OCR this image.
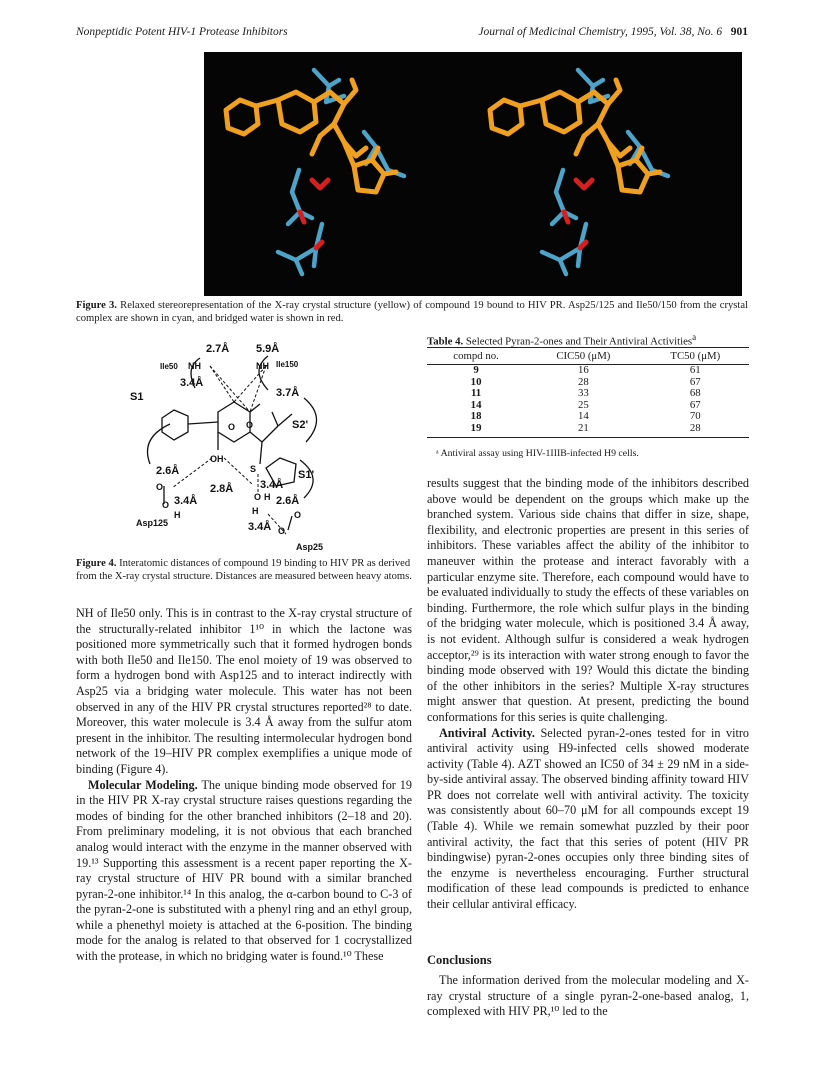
Nonpeptidic Potent HIV-1 Protease Inhibitors	Journal of Medicinal Chemistry, 1995, Vol. 38, No. 6 901
Figure 3. Relaxed stereorepresentation of the X-ray crystal structure (yellow) of compound 19 bound to HIV PR. Asp25/125 and Ile50/150 from the crystal complex are shown in cyan, and bridged water is shown in red.
2.7Å 5.9Å
Ile50 NH	NH Ile150
3.4Å
3.7Å
S1
S2'
O O
OH
S	S1'
2.6Å
2.8Å 3.4Å
3.4Å	2.6Å
3.4Å
O
O
O
O
O
H
H
H
Asp125
Asp25
Figure 4. Interatomic distances of compound 19 binding to HIV PR as derived from the X-ray crystal structure. Distances are measured between heavy atoms.
Table 4. Selected Pyran-2-ones and Their Antiviral Activities$^a$
compd no.	CIC50 (μM)	TC50 (μM)
9	16	61
10	28	67
11	33	68
14	25	67
18	14	70
19	21	28
ᵃ Antiviral assay using HIV-1IIIB-infected H9 cells.

NH of Ile50 only. This is in contrast to the X-ray crystal structure of the structurally-related inhibitor 1¹⁰ in which the lactone was positioned more symmetrically such that it formed hydrogen bonds with both Ile50 and Ile150. The enol moiety of 19 was observed to form a hydrogen bond with Asp125 and to interact indirectly with Asp25 via a bridging water molecule. This water has not been observed in any of the HIV PR crystal structures reported²⁸ to date. Moreover, this water molecule is 3.4 Å away from the sulfur atom present in the inhibitor. The resulting intermolecular hydrogen bond network of the 19–HIV PR complex exemplifies a unique mode of binding (Figure 4).

Molecular Modeling. The unique binding mode observed for 19 in the HIV PR X-ray crystal structure raises questions regarding the modes of binding for the other branched inhibitors (2–18 and 20). From preliminary modeling, it is not obvious that each branched analog would interact with the enzyme in the manner observed with 19.¹³ Supporting this assessment is a recent paper reporting the X-ray crystal structure of HIV PR bound with a similar branched pyran-2-one inhibitor.¹⁴ In this analog, the α-carbon bound to C-3 of the pyran-2-one is substituted with a phenyl ring and an ethyl group, while a phenethyl moiety is attached at the 6-position. The binding mode for the analog is related to that observed for 1 cocrystallized with the protease, in which no bridging water is found.¹⁰ These

results suggest that the binding mode of the inhibitors described above would be dependent on the groups which make up the branched system. Various side chains that differ in size, shape, flexibility, and electronic properties are present in this series of inhibitors. These variables affect the ability of the inhibitor to maneuver within the protease and interact favorably with a particular enzyme site. Therefore, each compound would have to be evaluated individually to study the effects of these variables on binding. Furthermore, the role which sulfur plays in the binding of the bridging water molecule, which is positioned 3.4 Å away, is not evident. Although sulfur is considered a weak hydrogen acceptor,²⁹ is its interaction with water strong enough to favor the binding mode observed with 19? Would this dictate the binding of the other inhibitors in the series? Multiple X-ray structures might answer that question. At present, predicting the bound conformations for this series is quite challenging.

Antiviral Activity. Selected pyran-2-ones tested for in vitro antiviral activity using H9-infected cells showed moderate activity (Table 4). AZT showed an IC50 of 34 ± 29 nM in a side-by-side antiviral assay. The observed binding affinity toward HIV PR does not correlate well with antiviral activity. The toxicity was consistently about 60–70 μM for all compounds except 19 (Table 4). While we remain somewhat puzzled by their poor antiviral activity, the fact that this series of potent (HIV PR bindingwise) pyran-2-ones occupies only three binding sites of the enzyme is nevertheless encouraging. Further structural modification of these lead compounds is predicted to enhance their cellular antiviral efficacy.

Conclusions

The information derived from the molecular modeling and X-ray crystal structure of a single pyran-2-one-based analog, 1, complexed with HIV PR,¹⁰ led to the
